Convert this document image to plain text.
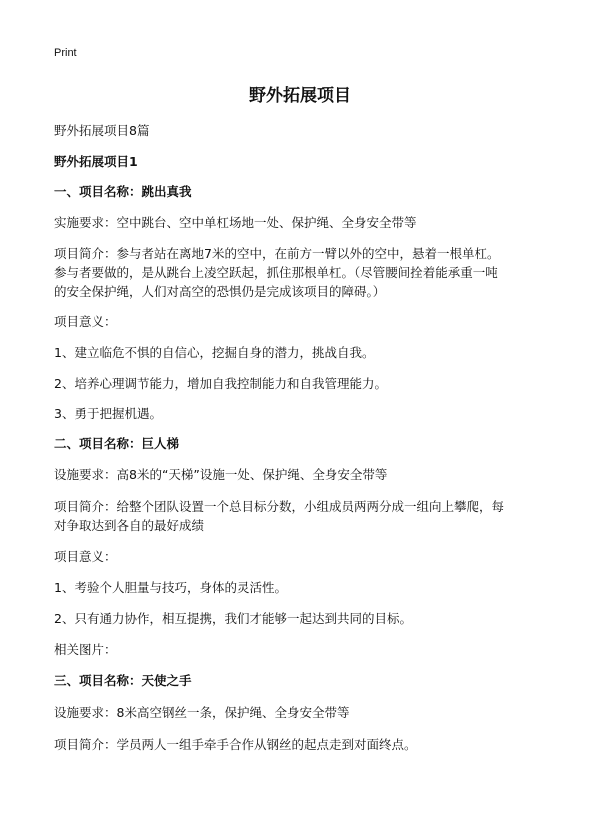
Print
野外拓展项目
野外拓展项目8篇
野外拓展项目1
一、项目名称：跳出真我
实施要求：空中跳台、空中单杠场地一处、保护绳、全身安全带等
项目简介：参与者站在离地7米的空中，在前方一臂以外的空中，悬着一根单杠。
参与者要做的，是从跳台上凌空跃起，抓住那根单杠。（尽管腰间拴着能承重一吨
的安全保护绳，人们对高空的恐惧仍是完成该项目的障碍。）
项目意义：
1、建立临危不惧的自信心，挖掘自身的潜力，挑战自我。
2、培养心理调节能力，增加自我控制能力和自我管理能力。
3、勇于把握机遇。
二、项目名称：巨人梯
设施要求：高8米的“天梯”设施一处、保护绳、全身安全带等
项目简介：给整个团队设置一个总目标分数，小组成员两两分成一组向上攀爬，每
对争取达到各自的最好成绩
项目意义：
1、考验个人胆量与技巧，身体的灵活性。
2、只有通力协作，相互提携，我们才能够一起达到共同的目标。
相关图片：
三、项目名称：天使之手
设施要求：8米高空钢丝一条，保护绳、全身安全带等
项目简介：学员两人一组手牵手合作从钢丝的起点走到对面终点。
